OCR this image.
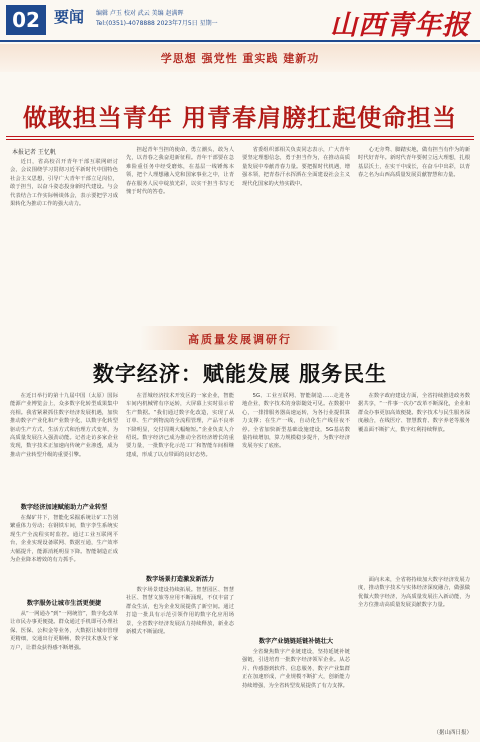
02 要闻 编辑 卢玉 校对 武云 美编 赵满晖
Tel:(0351)-4078888 2023年7月5日 星期一	山西青年报
学思想 强党性 重实践 建新功
做敢担当青年 用青春肩膀扛起使命担当
本报记者 王忆帆

近日，省高校召开青年干部互联网研讨会，会议围绕学习贯彻习近平新时代中国特色社会主义思想，引导广大青年干部立足岗位，敢于担当，以奋斗姿态投身新时代建设。与会代表结合工作实际畅谈体会，表示要把学习成果转化为推动工作的强大动力。

担起青年当担的使命，勇立潮头，敢为人先，以青春之我奋进新征程。青年干部要在急难险重任务中经受磨炼，在基层一线锤炼本领，把个人理想融入党和国家事业之中，让青春在服务人民中绽放光彩，以实干担当书写无愧于时代的答卷。

省委组织部相关负责同志表示，广大青年要坚定理想信念，勇于担当作为，在推动高质量发展中奉献青春力量。要把握时代机遇，增强本领，把青春汗水挥洒在全面建设社会主义现代化国家的火热实践中。

心无旁骛、脚踏实地，做有担当有作为的新时代好青年。新时代青年要树立远大理想，扎根基层沃土，在实干中成长，在奋斗中出彩，以青春之名为山西高质量发展贡献智慧和力量。

高质量发展调研行
数字经济：赋能发展 服务民生

在近日举行的第十九届中国（太原）国际能源产业博览会上，众多数字化转型成果集中亮相。我省紧紧抓住数字经济发展机遇，加快推动数字产业化和产业数字化，以数字化转型驱动生产方式、生活方式和治理方式变革，为高质量发展注入强劲动能。记者走访多家企业发现，数字技术正加速向传统产业渗透，成为推动产业转型升级的重要引擎。

数字经济加速赋能助力产业转型

在煤矿井下，智能化采掘系统让矿工告别繁重体力劳动；在钢铁车间，数字孪生系统实现生产全流程实时监控。通过工业互联网平台，企业实现设备联网、数据互通，生产效率大幅提升，能源消耗明显下降。智能制造正成为企业降本增效的有力抓手。

数字服务让城市生活更便捷

从“一网通办”到“一网统管”，数字化改革让市民办事更便捷。群众通过手机即可办理社保、医保、公积金等业务，大数据让城市管理更精细，交通出行更顺畅，数字技术惠及千家万户，让群众获得感不断增强。

在晋城经济技术开发区的一家企业，智能车间内机械臂有序运转，大屏幕上实时显示着生产数据。“我们通过数字化改造，实现了从订单、生产到物流的全流程管理，产品不良率下降明显，交付周期大幅缩短。”企业负责人介绍说。数字经济已成为推动全省经济增长的重要力量，一批数字化示范工厂和智能车间相继建成，形成了以点带面的良好态势。

数字场景打造激发新活力

数字场景建设持续拓展。智慧园区、智慧社区、智慧文旅等应用不断涌现，不仅丰富了群众生活，也为企业发展提供了新空间。通过打造一批具有示范引领作用的数字化应用场景，全省数字经济发展活力持续释放，新业态新模式不断涌现。

5G、工业互联网、智能制造……走进各地企业，数字技术的身影随处可见。在数据中心，一排排服务器高速运转，为各行业提供算力支撑；在生产一线，自动化生产线昼夜不停。全省加快新型基础设施建设，5G基站数量持续增加，算力规模稳步提升，为数字经济发展夯实了底座。

数字产业链链延链补链壮大

全省聚焦数字产业链建设，坚持延链补链强链，引进培育一批数字经济领军企业。从芯片、传感器到软件、信息服务，数字产业集群正在加速形成，产业规模不断扩大，创新能力持续增强，为全省转型发展提供了有力支撑。

在数字政府建设方面，全省持续推进政务数据共享，“一件事一次办”改革不断深化，企业和群众办事更加高效便捷。数字技术与民生服务深度融合，在线医疗、智慧教育、数字养老等服务覆盖面不断扩大，数字红利持续释放。

面向未来，全省将持续加大数字经济发展力度，推动数字技术与实体经济深度融合，做强做优做大数字经济，为高质量发展注入新动能，为全方位推动高质量发展贡献数字力量。

（据山西日报）
